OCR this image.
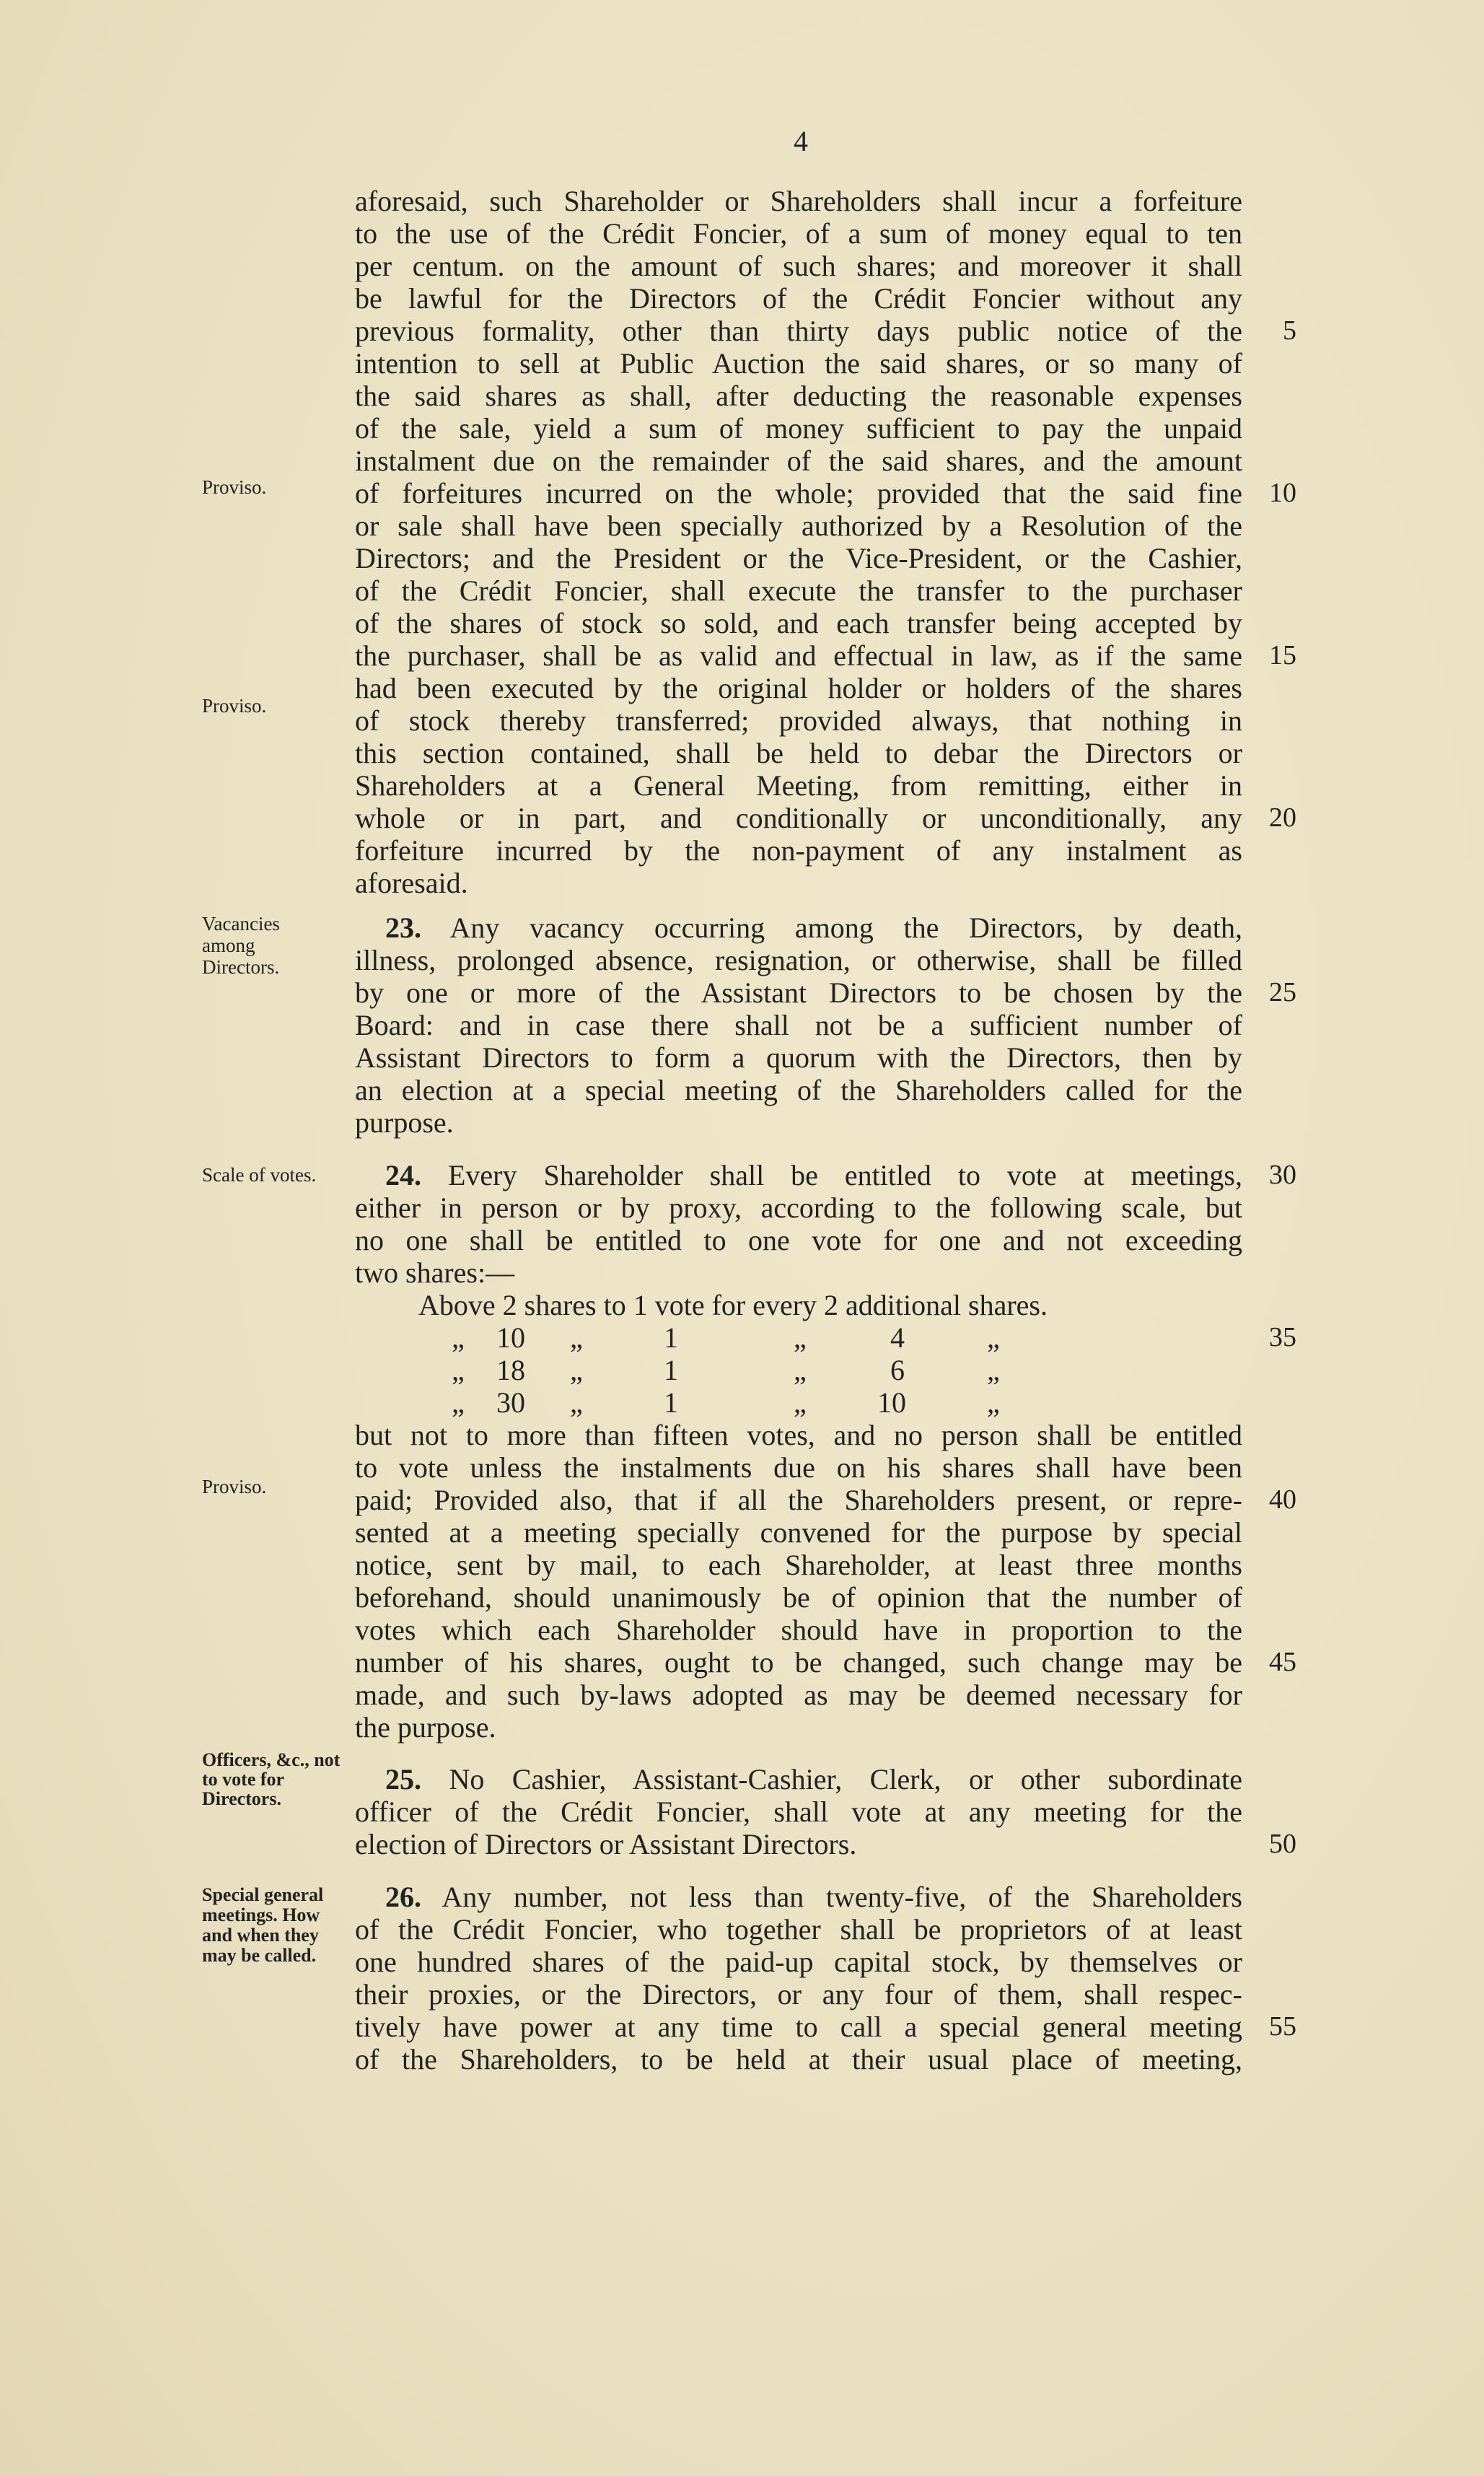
4
Proviso.
Proviso.
Vacancies among Directors.
Scale of votes.
Proviso.
Officers, &c., not to vote for Directors.
Special general meetings. How and when they may be called.
aforesaid, such Shareholder or Shareholders shall incur a forfeiture
to the use of the Crédit Foncier, of a sum of money equal to ten
per centum. on the amount of such shares; and moreover it shall
be lawful for the Directors of the Crédit Foncier without any
previous formality, other than thirty days public notice of the
intention to sell at Public Auction the said shares, or so many of
the said shares as shall, after deducting the reasonable expenses
of the sale, yield a sum of money sufficient to pay the unpaid
instalment due on the remainder of the said shares, and the amount
of forfeitures incurred on the whole; provided that the said fine
or sale shall have been specially authorized by a Resolution of the
Directors; and the President or the Vice-President, or the Cashier,
of the Crédit Foncier, shall execute the transfer to the purchaser
of the shares of stock so sold, and each transfer being accepted by
the purchaser, shall be as valid and effectual in law, as if the same
had been executed by the original holder or holders of the shares
of stock thereby transferred; provided always, that nothing in
this section contained, shall be held to debar the Directors or
Shareholders at a General Meeting, from remitting, either in
whole or in part, and conditionally or unconditionally, any
forfeiture incurred by the non-payment of any instalment as
aforesaid.
23. Any vacancy occurring among the Directors, by death,
illness, prolonged absence, resignation, or otherwise, shall be filled
by one or more of the Assistant Directors to be chosen by the
Board: and in case there shall not be a sufficient number of
Assistant Directors to form a quorum with the Directors, then by
an election at a special meeting of the Shareholders called for the
purpose.
24. Every Shareholder shall be entitled to vote at meetings,
either in person or by proxy, according to the following scale, but
no one shall be entitled to one vote for one and not exceeding
two shares:—
Above 2 shares to 1 vote for every 2 additional shares.
„ 10 „	1	„	4	„
„ 18 „	1	„	6	„
„ 30 „	1	„ 10	„
but not to more than fifteen votes, and no person shall be entitled
to vote unless the instalments due on his shares shall have been
paid; Provided also, that if all the Shareholders present, or repre-
sented at a meeting specially convened for the purpose by special
notice, sent by mail, to each Shareholder, at least three months
beforehand, should unanimously be of opinion that the number of
votes which each Shareholder should have in proportion to the
number of his shares, ought to be changed, such change may be
made, and such by-laws adopted as may be deemed necessary for
the purpose.
25. No Cashier, Assistant-Cashier, Clerk, or other subordinate
officer of the Crédit Foncier, shall vote at any meeting for the
election of Directors or Assistant Directors.
26. Any number, not less than twenty-five, of the Shareholders
of the Crédit Foncier, who together shall be proprietors of at least
one hundred shares of the paid-up capital stock, by themselves or
their proxies, or the Directors, or any four of them, shall respec-
tively have power at any time to call a special general meeting
of the Shareholders, to be held at their usual place of meeting,
5
10
15
20
25
30
35
40
45
50
55
